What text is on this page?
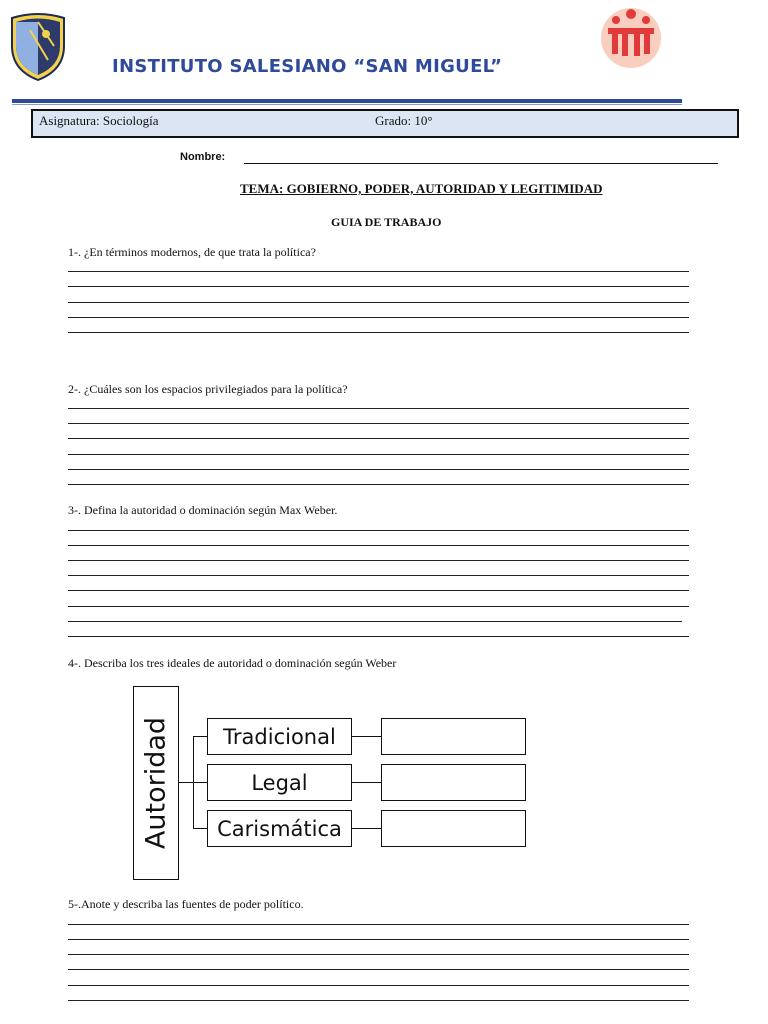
INSTITUTO SALESIANO “SAN MIGUEL”
Asignatura: Sociología	Grado: 10°
Nombre:
TEMA: GOBIERNO, PODER, AUTORIDAD Y LEGITIMIDAD
GUIA DE TRABAJO
1-. ¿En términos modernos, de que trata la política?
2-. ¿Cuáles son los espacios privilegiados para la política?
3-. Defina la autoridad o dominación según Max Weber.
4-. Describa los tres ideales de autoridad o dominación según Weber
Autoridad Tradicional
Legal
Carismática
5-.Anote y describa las fuentes de poder político.
